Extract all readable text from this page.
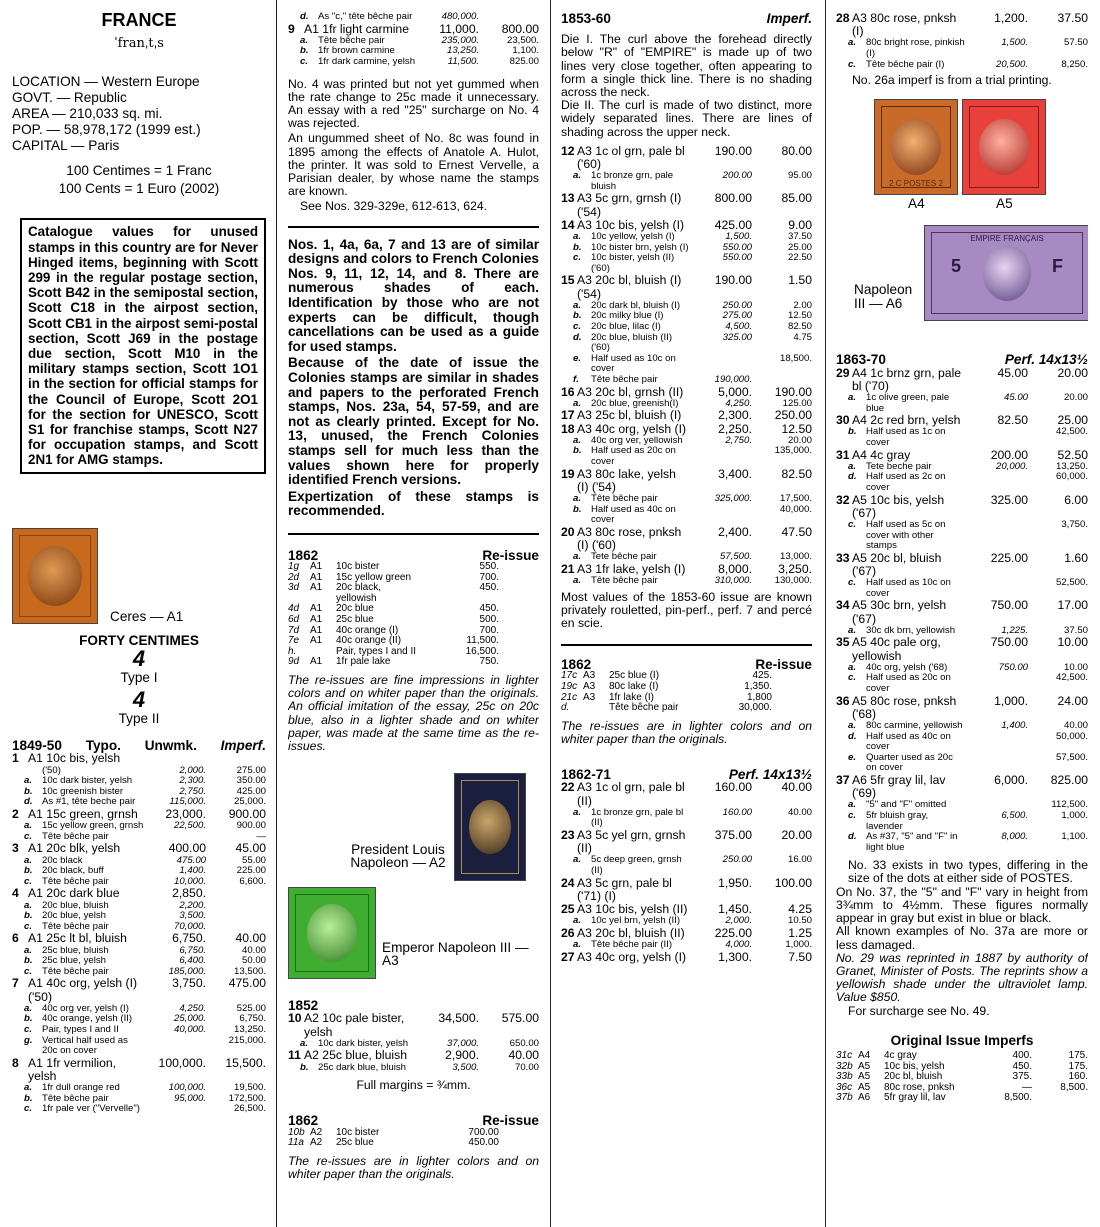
FRANCE
ˈfranˌtˌs
LOCATION — Western Europe
GOVT. — Republic
AREA — 210,033 sq. mi.
POP. — 58,978,172 (1999 est.)
CAPITAL — Paris
100 Centimes = 1 Franc
100 Cents = 1 Euro (2002)
Catalogue values for unused stamps in this country are for Never Hinged items, beginning with Scott 299 in the regular postage section, Scott B42 in the semipostal section, Scott C18 in the airpost section, Scott CB1 in the airpost semi-postal section, Scott J69 in the postage due section, Scott M10 in the military stamps section, Scott 1O1 in the section for official stamps for the Council of Europe, Scott 2O1 for the section for UNESCO, Scott S1 for franchise stamps, Scott N27 for occupation stamps, and Scott 2N1 for AMG stamps.
Ceres — A1
FORTY CENTIMES
4
Type I
4
Type II
1849-50 Typo. Unwmk. Imperf.
1 A1 10c bis, yelsh
('50)	2,000.	275.00
a.	10c dark bister, yelsh	2,300.	350.00
b. 10c greenish bister	2,750.	425.00
d. As #1, tête beche pair	115,000.	25,000.
2 A1 15c green, grnsh	23,000.	900.00
a.	15c yellow green, grnsh	22,500.	900.00
c.	Tête bêche pair	—
3 A1 20c blk, yelsh	400.00	45.00
a.	20c black	475.00	55.00
b. 20c black, buff	1,400.	225.00
c.	Tête bêche pair	10,000.	6,600.
4 A1 20c dark blue	2,850.
a.	20c blue, bluish	2,200.
b. 20c blue, yelsh	3,500.
c.	Tête bêche pair	70,000.
6 A1 25c lt bl, bluish	6,750.	40.00
a.	25c blue, bluish	6,750.	40.00
b. 25c blue, yelsh	6,400.	50.00
c.	Tête bêche pair	185,000.	13,500.
7 A1 40c org, yelsh (I) ('50)
3,750.	475.00
a.	40c org ver, yelsh (I)	4,250.	525.00
b. 40c orange, yelsh (II)	25,000.	6,750.
c.	Pair, types I and II	40,000.	13,250.
g. Vertical half used as 20c on cover
215,000.
8 A1 1fr vermilion, yelsh
100,000.	15,500.
a.	1fr dull orange red	100,000.	19,500.
b. Tête bêche pair	95,000.	172,500.
c.	1fr pale ver ("Vervelle")	26,500.
d. As "c," tête bêche pair	480,000.
9 A1 1fr light carmine	11,000.	800.00
a.	Tête bêche pair	235,000.	23,500.
b. 1fr brown carmine	13,250.	1,100.
c.	1fr dark carmine, yelsh	11,500.	825.00

No. 4 was printed but not yet gummed when the rate change to 25c made it unnecessary. An essay with a red "25" surcharge on No. 4 was rejected.

An ungummed sheet of No. 8c was found in 1895 among the effects of Anatole A. Hulot, the printer. It was sold to Ernest Vervelle, a Parisian dealer, by whose name the stamps are known.

See Nos. 329-329e, 612-613, 624.

Nos. 1, 4a, 6a, 7 and 13 are of similar designs and colors to French Colonies Nos. 9, 11, 12, 14, and 8. There are numerous shades of each. Identification by those who are not experts can be difficult, though cancellations can be used as a guide for used stamps.

Because of the date of issue the Colonies stamps are similar in shades and papers to the perforated French stamps, Nos. 23a, 54, 57-59, and are not as clearly printed. Except for No. 13, unused, the French Colonies stamps sell for much less than the values shown here for properly identified French versions.

Expertization of these stamps is recommended.

1862	Re-issue
1g	A1	10c bister	550.
2d	A1	15c yellow green	700.
3d	A1	20c black, yellowish
450.
4d	A1	20c blue	450.
6d	A1	25c blue	500.
7d	A1	40c orange (I)	700.
7e	A1	40c orange (II)	11,500.
h.	Pair, types I and II	16,500.
9d	A1	1fr pale lake	750.

The re-issues are fine impressions in lighter colors and on whiter paper than the originals. An official imitation of the essay, 25c on 20c blue, also in a lighter shade and on whiter paper, was made at the same time as the re-issues.

President Louis Napoleon — A2
Emperor Napoleon III — A3
1852
10 A2 10c pale bister, yelsh
34,500.	575.00
a.	10c dark bister, yelsh	37,000.	650.00
11 A2 25c blue, bluish	2,900.	40.00
b. 25c dark blue, bluish	3,500.	70.00
Full margins = ¾mm.
1862	Re-issue
10b A2	10c bister	700.00
11a A2	25c blue	450.00

The re-issues are in lighter colors and on whiter paper than the originals.

1853-60	Imperf.

Die I. The curl above the forehead directly below "R" of "EMPIRE" is made up of two lines very close together, often appearing to form a single thick line. There is no shading across the neck.

Die II. The curl is made of two distinct, more widely separated lines. There are lines of shading across the upper neck.

12 A3 1c ol grn, pale bl ('60)
190.00	80.00
a.	1c bronze grn, pale bluish
200.00	95.00
13 A3 5c grn, grnsh (I) ('54)
800.00	85.00
14 A3 10c bis, yelsh (I)	425.00	9.00
a.	10c yellow, yelsh (I)	1,500.	37.50
b. 10c bister brn, yelsh (I)	550.00	25.00
c.	10c bister, yelsh (II) ('60)
550.00	22.50
15 A3 20c bl, bluish (I) ('54)
190.00	1.50
a.	20c dark bl, bluish (I)	250.00	2.00
b. 20c milky blue (I)	275.00	12.50
c.	20c blue, lilac (I)	4,500.	82.50
d. 20c blue, bluish (II) ('60)
325.00	4.75
e.	Half used as 10c on cover
18,500.
f.	Tête bêche pair	190,000.
16 A3 20c bl, grnsh (II)	5,000.	190.00
a.	20c blue, greenish(I)	4,250.	125.00
17 A3 25c bl, bluish (I)	2,300.	250.00
18 A3 40c org, yelsh (I)	2,250.	12.50
a.	40c org ver, yellowish	2,750.	20.00
b. Half used as 20c on cover
135,000.
19 A3 80c lake, yelsh (I) ('54)
3,400.	82.50
a.	Tête bêche pair	325,000.	17,500.
b. Half used as 40c on cover
40,000.
20 A3 80c rose, pnksh (I) ('60)
2,400.	47.50
a.	Tete bêche pair	57,500.	13,000.
21 A3 1fr lake, yelsh (I)	8,000.	3,250.
a.	Tête bêche pair	310,000.	130,000.

Most values of the 1853-60 issue are known privately rouletted, pin-perf., perf. 7 and percé en scie.

1862	Re-issue
17c A3	25c blue (I)	425.
19c A3	80c lake (I)	1,350.
21c A3	1fr lake (I)	1,800
d.	Tête bêche pair	30,000.

The re-issues are in lighter colors and on whiter paper than the originals.

1862-71	Perf. 14x13½
22 A3 1c ol grn, pale bl (II)
160.00	40.00
a.	1c bronze grn, pale bl (II)
160.00	40.00
23 A3 5c yel grn, grnsh (II)
375.00	20.00
a.	5c deep green, grnsh (II)
250.00	16.00
24 A3 5c grn, pale bl ('71) (I)
1,950.	100.00
25 A3 10c bis, yelsh (II)	1,450.	4.25
a.	10c yel brn, yelsh (II)	2,000.	10.50
26 A3 20c bl, bluish (II)	225.00	1.25
a.	Tête bêche pair (II)	4,000.	1,000.
27 A3 40c org, yelsh (I)	1,300.	7.50
28 A3 80c rose, pnksh (I)
1,200.	37.50
a.	80c bright rose, pinkish (I)
1,500.	57.50
c.	Tête bêche pair (I)	20,500.	8,250.

No. 26a imperf is from a trial printing.

2 C POSTES 2
A4	A5
EMPIRE FRANÇAIS
5	F
Napoleon III — A6
1863-70	Perf. 14x13½
29 A4 1c brnz grn, pale bl ('70)
45.00	20.00
a.	1c olive green, pale blue
45.00	20.00
30 A4 2c red brn, yelsh	82.50	25.00
b. Half used as 1c on cover
42,500.
31 A4 4c gray	200.00	52.50
a.	Tete beche pair	20,000.	13,250.
d. Half used as 2c on cover
60,000.
32 A5 10c bis, yelsh ('67)
325.00	6.00
c.	Half used as 5c on cover with other stamps
3,750.
33 A5 20c bl, bluish ('67)
225.00	1.60
c.	Half used as 10c on cover
52,500.
34 A5 30c brn, yelsh ('67)
750.00	17.00
a.	30c dk brn, yellowish	1,225.	37.50
35 A5 40c pale org, yellowish
750.00	10.00
a.	40c org, yelsh ('68)	750.00	10.00
c.	Half used as 20c on cover
42,500.
36 A5 80c rose, pnksh ('68)
1,000.	24.00
a.	80c carmine, yellowish	1,400.	40.00
d. Half used as 40c on cover
50,000.
e.	Quarter used as 20c on cover
57,500.
37 A6 5fr gray lil, lav ('69)
6,000.	825.00
a.	"5" and "F" omitted	112,500.
c.	5fr bluish gray, lavender
6,500.	1,000.
d. As #37, "5" and "F" in light blue
8,000.	1,100.

No. 33 exists in two types, differing in the size of the dots at either side of POSTES.

On No. 37, the "5" and "F" vary in height from 3¾mm to 4½mm. These figures normally appear in gray but exist in blue or black.

All known examples of No. 37a are more or less damaged.

No. 29 was reprinted in 1887 by authority of Granet, Minister of Posts. The reprints show a yellowish shade under the ultraviolet lamp. Value $850.

For surcharge see No. 49.

Original Issue Imperfs
31c A4	4c gray	400.	175.
32b A5	10c bis, yelsh	450.	175.
33b A5	20c bl, bluish	375.	160.
36c A5	80c rose, pnksh	—	8,500.
37b A6	5fr gray lil, lav	8,500.
